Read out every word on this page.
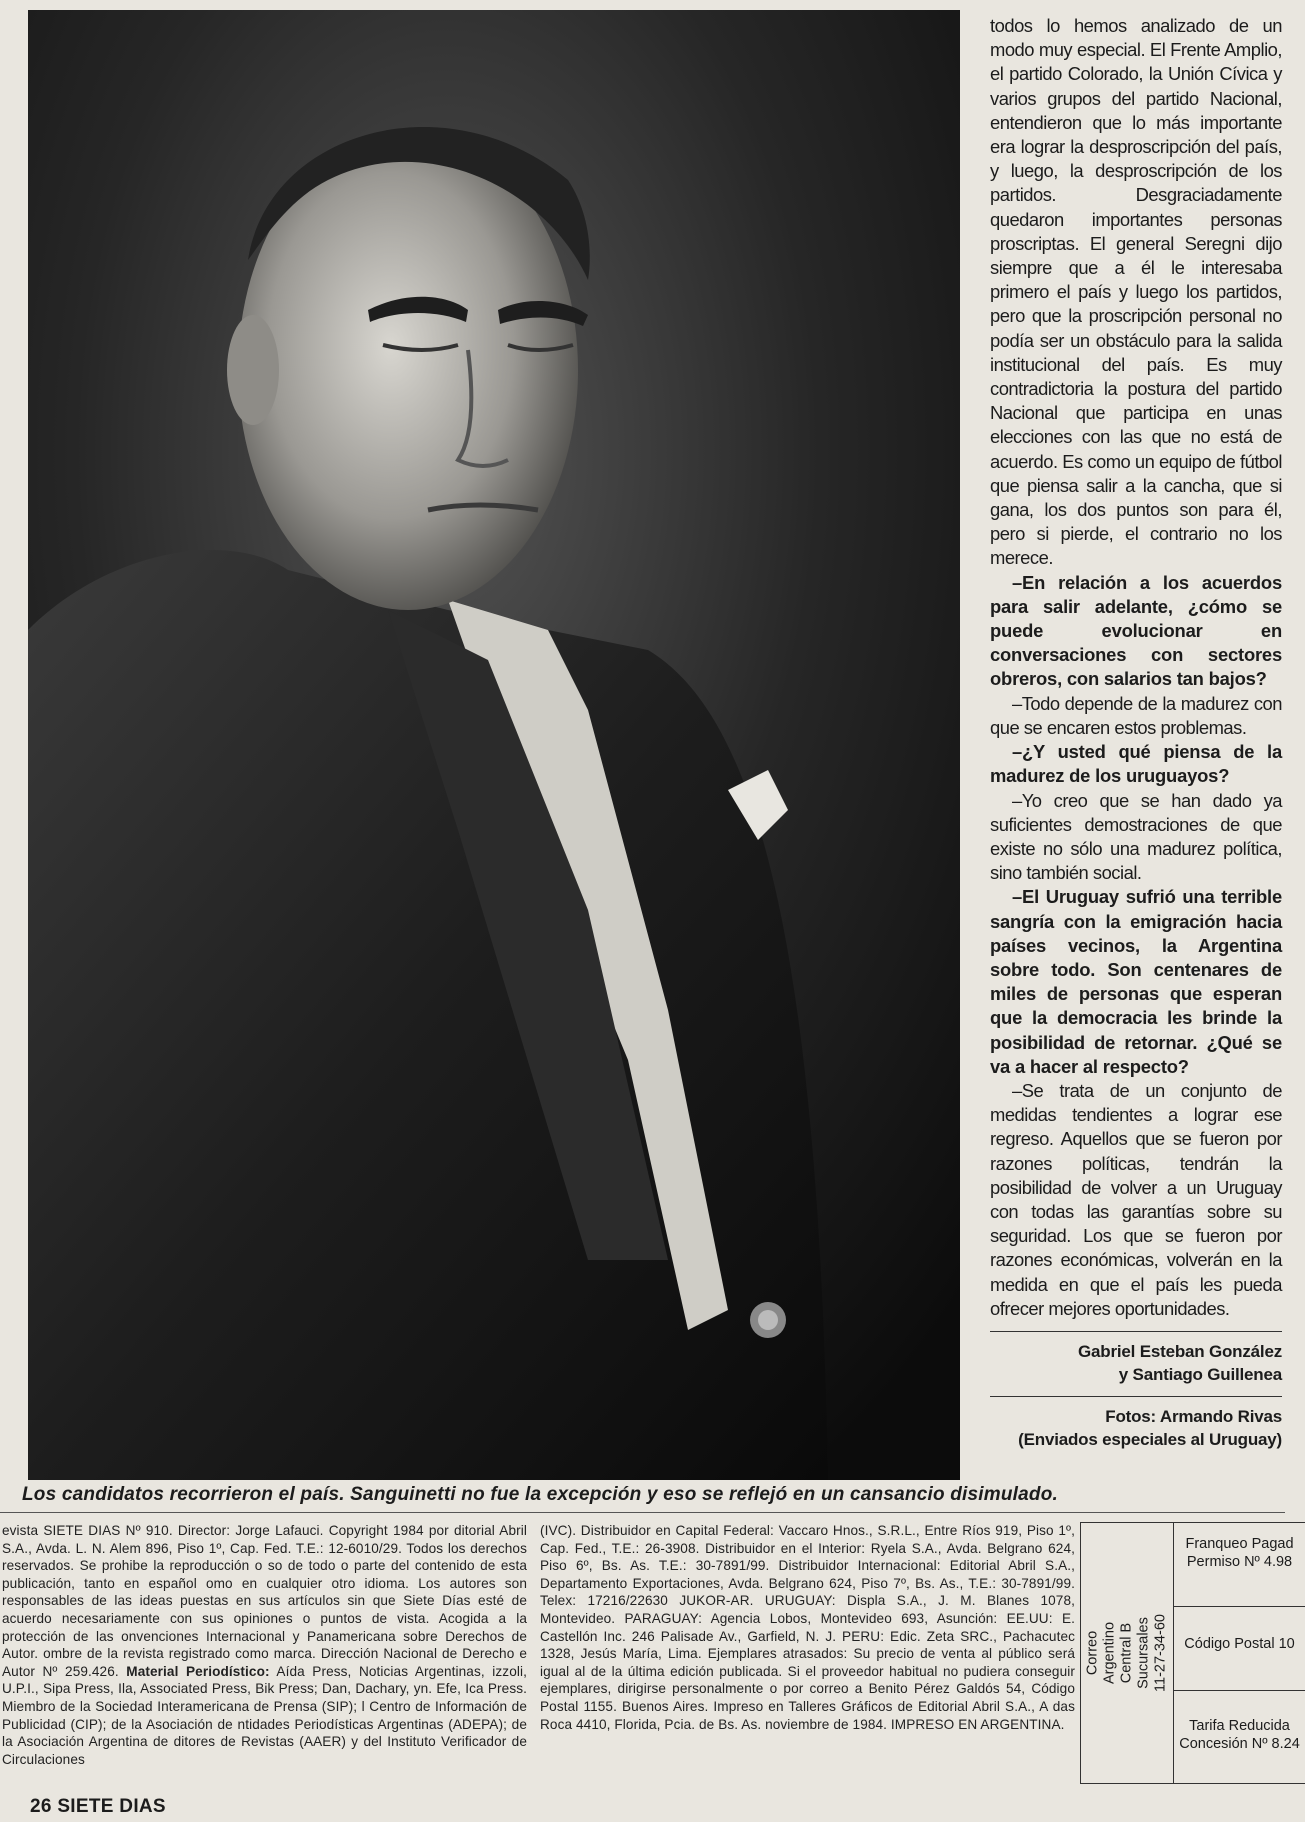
Los candidatos recorrieron el país. Sanguinetti no fue la excepción y eso se reflejó en un cansancio disimulado.

todos lo hemos analizado de un modo muy especial. El Frente Amplio, el partido Colorado, la Unión Cívica y varios grupos del partido Nacional, entendieron que lo más importante era lograr la desproscripción del país, y luego, la desproscripción de los partidos. Desgraciadamente quedaron importantes personas proscriptas. El general Seregni dijo siempre que a él le interesaba primero el país y luego los partidos, pero que la proscripción personal no podía ser un obstáculo para la salida institucional del país. Es muy contradictoria la postura del partido Nacional que participa en unas elecciones con las que no está de acuerdo. Es como un equipo de fútbol que piensa salir a la cancha, que si gana, los dos puntos son para él, pero si pierde, el contrario no los merece.

–En relación a los acuerdos para salir adelante, ¿cómo se puede evolucionar en conversaciones con sectores obreros, con salarios tan bajos?

–Todo depende de la madurez con que se encaren estos problemas.

–¿Y usted qué piensa de la madurez de los uruguayos?

–Yo creo que se han dado ya suficientes demostraciones de que existe no sólo una madurez política, sino también social.

–El Uruguay sufrió una terrible sangría con la emigración hacia países vecinos, la Argentina sobre todo. Son centenares de miles de personas que esperan que la democracia les brinde la posibilidad de retornar. ¿Qué se va a hacer al respecto?

–Se trata de un conjunto de medidas tendientes a lograr ese regreso. Aquellos que se fueron por razones políticas, tendrán la posibilidad de volver a un Uruguay con todas las garantías sobre su seguridad. Los que se fueron por razones económicas, volverán en la medida en que el país les pueda ofrecer mejores oportunidades.

Gabriel Esteban González
y Santiago Guillenea
Fotos: Armando Rivas
(Enviados especiales al Uruguay)

evista SIETE DIAS Nº 910. Director: Jorge Lafauci. Copyright 1984 por ditorial Abril S.A., Avda. L. N. Alem 896, Piso 1º, Cap. Fed. T.E.: 12-6010/29. Todos los derechos reservados. Se prohibe la reproducción o so de todo o parte del contenido de esta publicación, tanto en español omo en cualquier otro idioma. Los autores son responsables de las ideas puestas en sus artículos sin que Siete Días esté de acuerdo necesariamente con sus opiniones o puntos de vista. Acogida a la protección de las onvenciones Internacional y Panamericana sobre Derechos de Autor. ombre de la revista registrado como marca. Dirección Nacional de Derecho e Autor Nº 259.426. Material Periodístico: Aída Press, Noticias Argentinas, izzoli, U.P.I., Sipa Press, Ila, Associated Press, Bik Press; Dan, Dachary, yn. Efe, Ica Press. Miembro de la Sociedad Interamericana de Prensa (SIP); l Centro de Información de Publicidad (CIP); de la Asociación de ntidades Periodísticas Argentinas (ADEPA); de la Asociación Argentina de ditores de Revistas (AAER) y del Instituto Verificador de Circulaciones

(IVC). Distribuidor en Capital Federal: Vaccaro Hnos., S.R.L., Entre Ríos 919, Piso 1º, Cap. Fed., T.E.: 26-3908. Distribuidor en el Interior: Ryela S.A., Avda. Belgrano 624, Piso 6º, Bs. As. T.E.: 30-7891/99. Distribuidor Internacional: Editorial Abril S.A., Departamento Exportaciones, Avda. Belgrano 624, Piso 7º, Bs. As., T.E.: 30-7891/99. Telex: 17216/22630 JUKOR-AR. URUGUAY: Displa S.A., J. M. Blanes 1078, Montevideo. PARAGUAY: Agencia Lobos, Montevideo 693, Asunción: EE.UU: E. Castellón Inc. 246 Palisade Av., Garfield, N. J. PERU: Edic. Zeta SRC., Pachacutec 1328, Jesús María, Lima. Ejemplares atrasados: Su precio de venta al público será igual al de la última edición publicada. Si el proveedor habitual no pudiera conseguir ejemplares, dirigirse personalmente o por correo a Benito Pérez Galdós 54, Código Postal 1155. Buenos Aires. Impreso en Talleres Gráficos de Editorial Abril S.A., A das Roca 4410, Florida, Pcia. de Bs. As. noviembre de 1984. IMPRESO EN ARGENTINA.

Correo Argentino Central B Sucursales 11-27-34-60
Franqueo Pagad
Permiso Nº 4.98
Código Postal 10
Tarifa Reducida
Concesión Nº 8.24
26 SIETE DIAS
